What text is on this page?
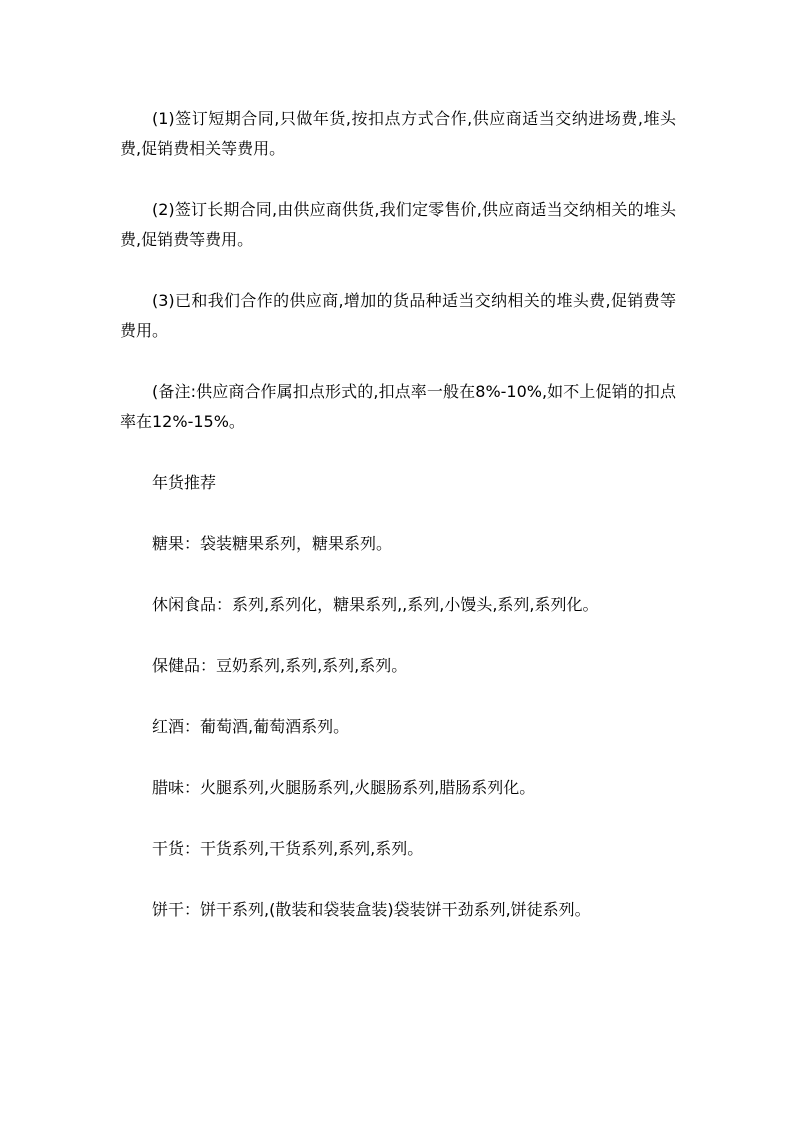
(1)签订短期合同,只做年货,按扣点方式合作,供应商适当交纳进场费,堆头费,促销费相关等费用。

(2)签订长期合同,由供应商供货,我们定零售价,供应商适当交纳相关的堆头费,促销费等费用。

(3)已和我们合作的供应商,增加的货品种适当交纳相关的堆头费,促销费等费用。

(备注:供应商合作属扣点形式的,扣点率一般在8%-10%,如不上促销的扣点率在12%-15%。

年货推荐

糖果：袋装糖果系列，糖果系列。

休闲食品：系列,系列化，糖果系列,,系列,小馒头,系列,系列化。

保健品：豆奶系列,系列,系列,系列。

红酒：葡萄酒,葡萄酒系列。

腊味：火腿系列,火腿肠系列,火腿肠系列,腊肠系列化。

干货：干货系列,干货系列,系列,系列。

饼干：饼干系列,(散装和袋装盒装)袋装饼干劲系列,饼徒系列。
